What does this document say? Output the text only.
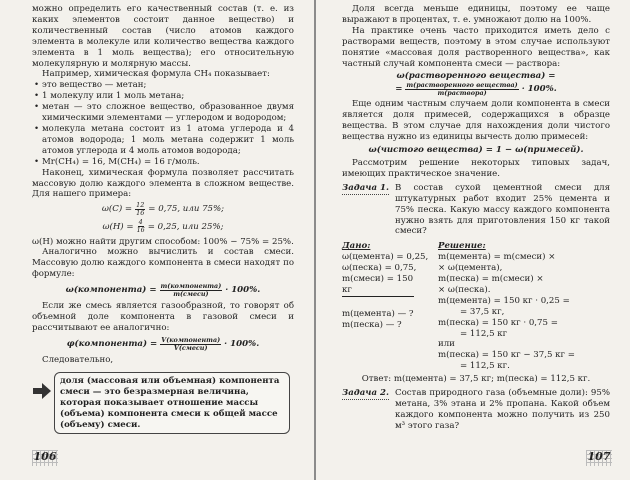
можно определить его качественный состав (т. е. из каких элементов состоит данное вещество) и количественный состав (число атомов каждого элемента в молекуле или количество вещества каждого элемента в 1 моль вещества); его относительную молекулярную и молярную массы.

Например, химическая формула CH₄ показывает:

• это вещество — метан;

• 1 молекулу или 1 моль метана;

• метан — это сложное вещество, образованное двумя химическими элементами — углеродом и водородом;

• молекула метана состоит из 1 атома углерода и 4 атомов водорода; 1 моль метана содержит 1 моль атомов углерода и 4 моль атомов водорода;

• Mr(CH₄) = 16, M(CH₄) = 16 г/моль.

Наконец, химическая формула позволяет рассчитать массовую долю каждого элемента в сложном веществе. Для нашего примера:

$\omega(C) = \frac{12}{16} = 0,75$, или 75%;
$\omega(H) = \frac{4}{16} = 0,25$, или 25%;

ω(H) можно найти другим способом: 100% − 75% = 25%.

Аналогично можно вычислить и состав смеси. Массовую долю каждого компонента в смеси находят по формуле:

ω(компонента) = $\frac{\text{m(компонента)}}{\text{m(смеси)}} \cdot 100\%$.

Если же смесь является газообразной, то говорят об объемной доле компонента в газовой смеси и рассчитывают ее аналогично:

φ(компонента) = $\frac{\text{V(компонента)}}{\text{V(смеси)}} \cdot 100\%$.

Следовательно,

доля (массовая или объемная) компонента смеси — это безразмерная величина, которая показывает отношение массы (объема) компонента смеси к общей массе (объему) смеси.
106

Доля всегда меньше единицы, поэтому ее чаще выражают в процентах, т. е. умножают долю на 100%.

На практике очень часто приходится иметь дело с растворами веществ, поэтому в этом случае используют понятие «массовая доля растворенного вещества», как частный случай компонента смеси — раствора:

ω(растворенного вещества) =
= $\frac{\text{m(растворенного вещества)}}{\text{m(раствора)}} \cdot 100\%$.

Еще одним частным случаем доли компонента в смеси является доля примесей, содержащихся в образце вещества. В этом случае для нахождения доли чистого вещества нужно из единицы вычесть долю примесей:

ω(чистого вещества) = 1 − ω(примесей).

Рассмотрим решение некоторых типовых задач, имеющих практическое значение.

Задача 1. В состав сухой цементной смеси для штукатурных работ входит 25% цемента и 75% песка. Какую массу каждого компонента нужно взять для приготовления 150 кг такой смеси?
Дано:
ω(цемента) = 0,25,
ω(песка) = 0,75,
m(смеси) = 150 кг
m(цемента) — ?
m(песка) — ?
Решение:
m(цемента) = m(смеси) ×
× ω(цемента),
m(песка) = m(смеси) ×
× ω(песка).
m(цемента) = 150 кг · 0,25 =
= 37,5 кг,
m(песка) = 150 кг · 0,75 =
= 112,5 кг
или
m(песка) = 150 кг − 37,5 кг =
= 112,5 кг.
Ответ: m(цемента) = 37,5 кг; m(песка) = 112,5 кг.
Задача 2. Состав природного газа (объемные доли): 95% метана, 3% этана и 2% пропана. Какой объем каждого компонента можно получить из 250 м³ этого газа?
107
